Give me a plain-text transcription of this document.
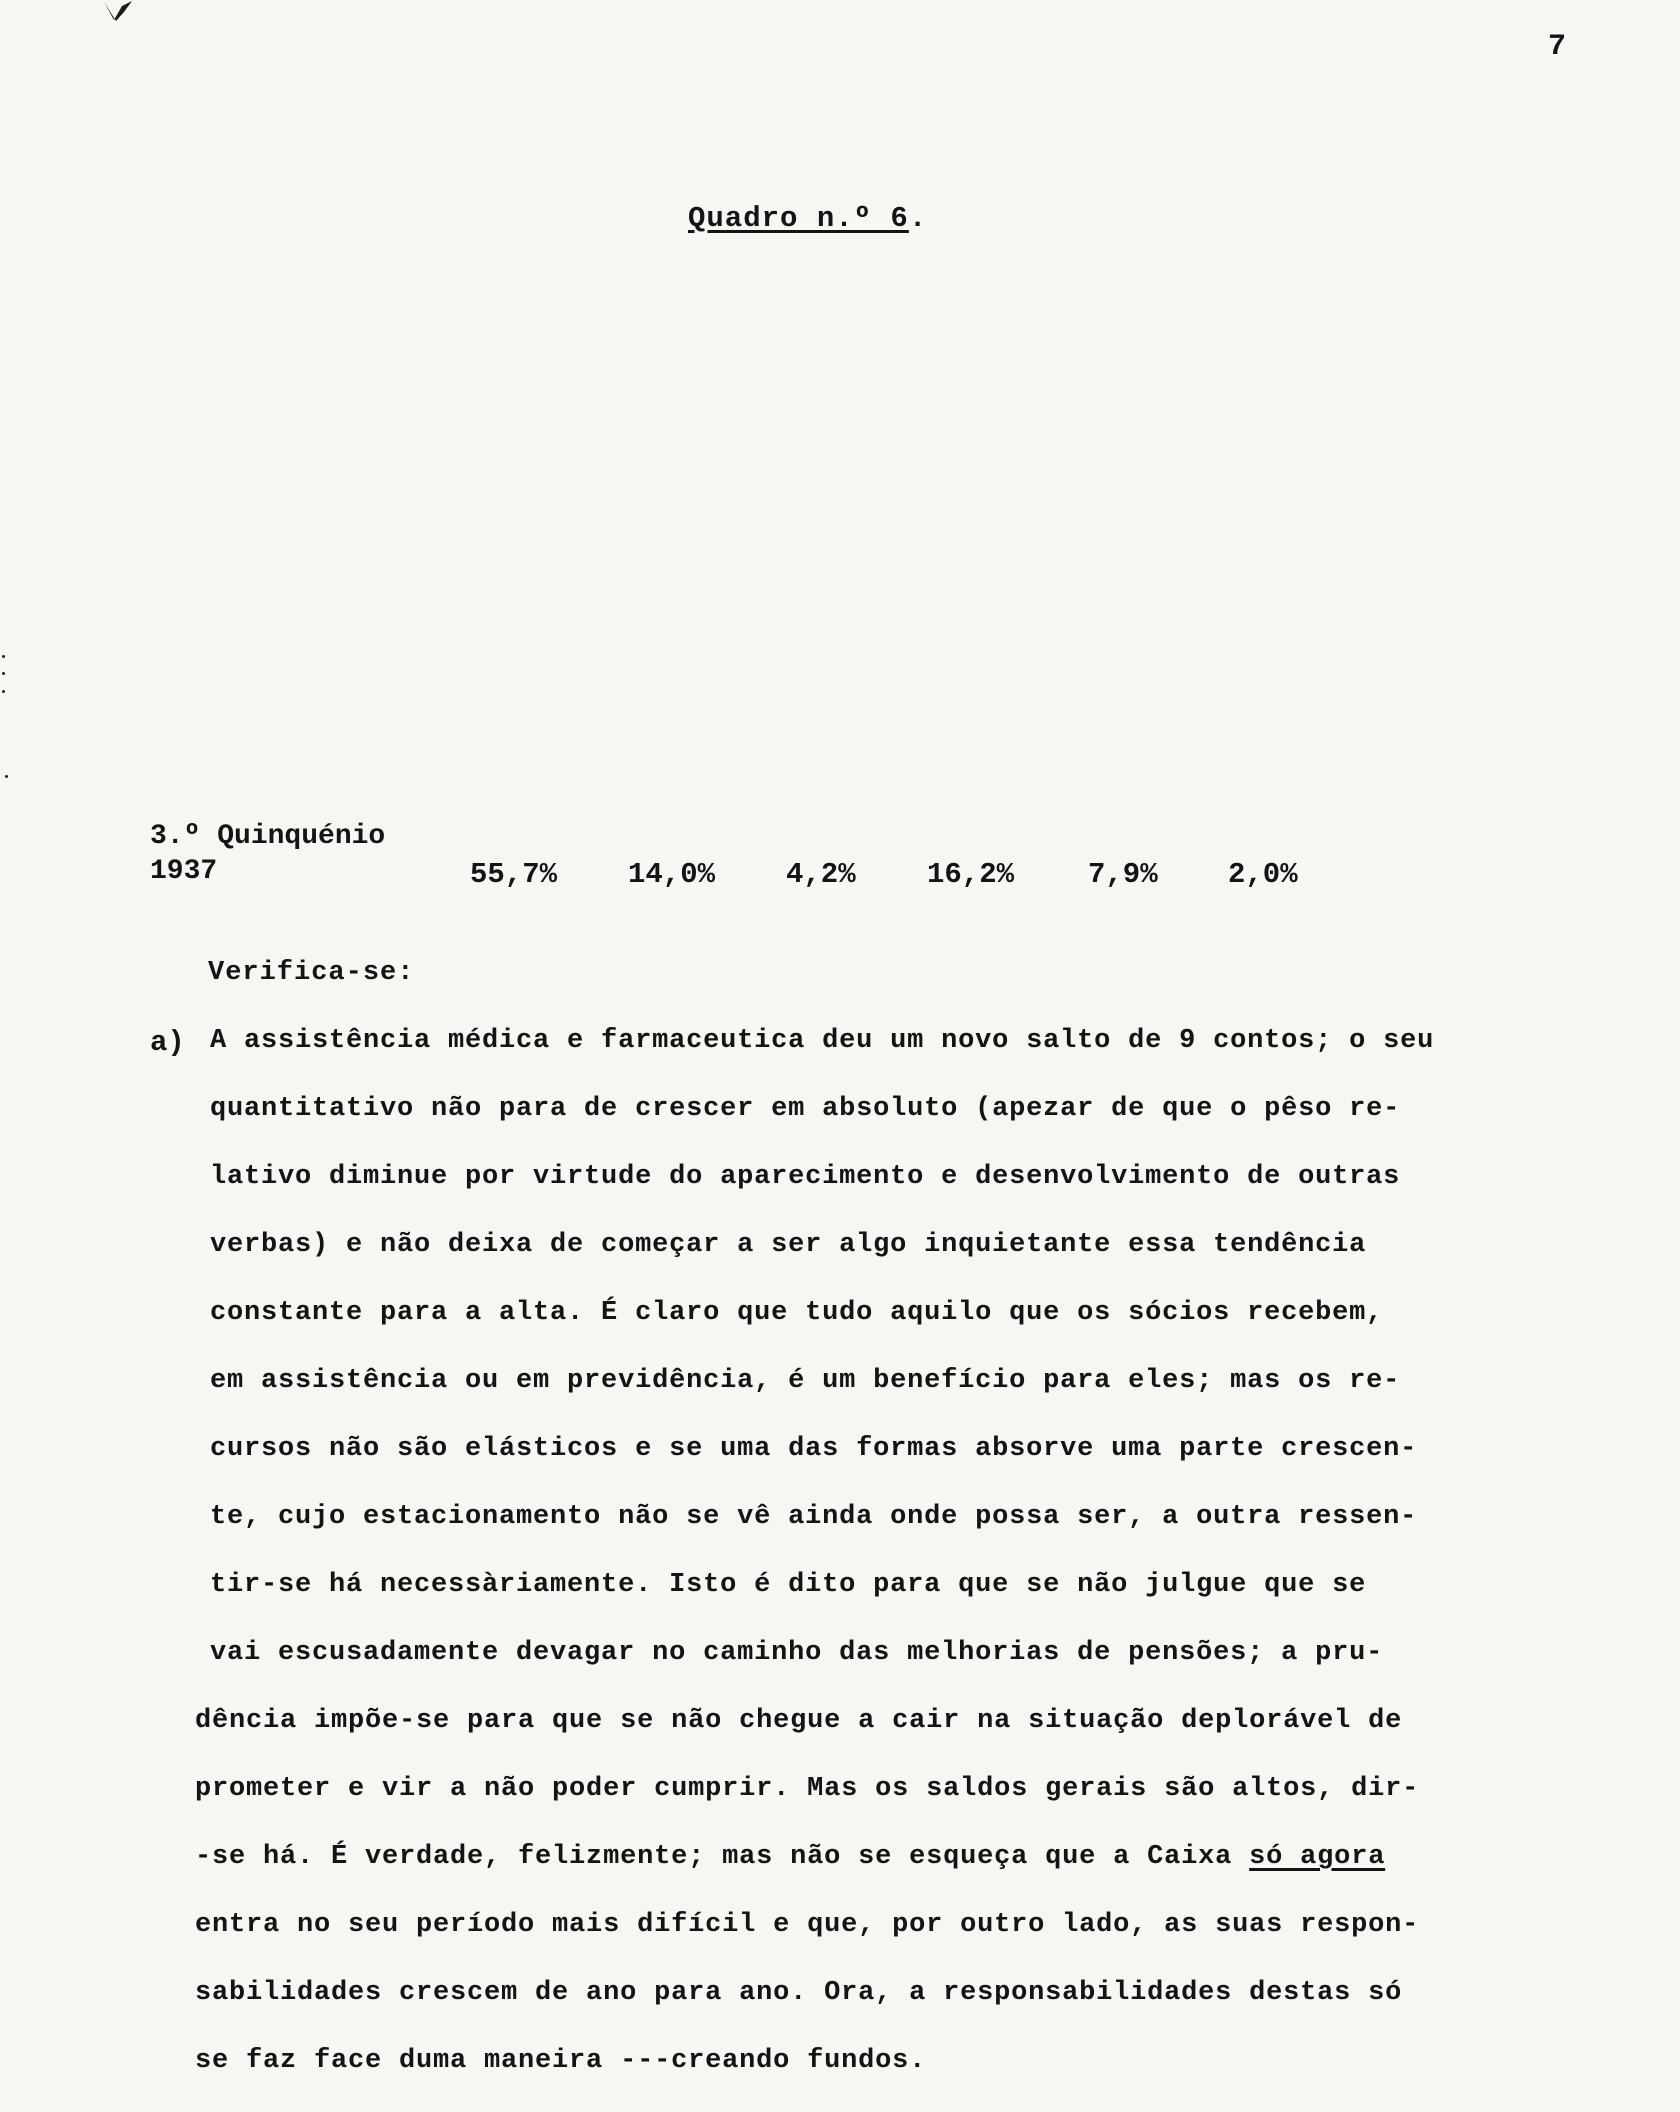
7
Quadro n.º 6.
3.º Quinquénio
1937	55,7% 14,0% 4,2% 16,2%	7,9% 2,0%
Verifica-se:
a) A assistência médica e farmaceutica deu um novo salto de 9 contos; o seu
quantitativo não para de crescer em absoluto (apezar de que o pêso re-
lativo diminue por virtude do aparecimento e desenvolvimento de outras
verbas) e não deixa de começar a ser algo inquietante essa tendência
constante para a alta. É claro que tudo aquilo que os sócios recebem,
em assistência ou em previdência, é um benefício para eles; mas os re-
cursos não são elásticos e se uma das formas absorve uma parte crescen-
te, cujo estacionamento não se vê ainda onde possa ser, a outra ressen-
tir-se há necessàriamente. Isto é dito para que se não julgue que se
vai escusadamente devagar no caminho das melhorias de pensões; a pru-
dência impõe-se para que se não chegue a cair na situação deplorável de
prometer e vir a não poder cumprir. Mas os saldos gerais são altos, dir-
-se há. É verdade, felizmente; mas não se esqueça que a Caixa só agora
entra no seu período mais difícil e que, por outro lado, as suas respon-
sabilidades crescem de ano para ano. Ora, a responsabilidades destas só
se faz face duma maneira ---creando fundos.
